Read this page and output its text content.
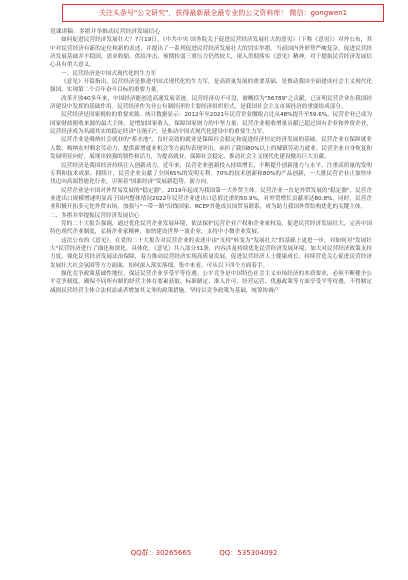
关注头条号"公文研究"，获得最新最全最专业的公文资料库！ 微信：gongwen1

党课讲稿：多措并举推动民营经济发展信心

如何促进民营经济发展壮大？7月19日，《中共中央 国务院关于促进民营经济发展壮大的意见》（下称《意见》）对外公布，其中对民营经济有新的定位和新的表述，并提出了一系列促进民营经济发展壮大的切实举措。当前国内外形势严峻复杂，促进民营经济发展基础并不稳固，需求收缩、供给冲击、预期转弱三重压力仍然较大，深入贯彻落实《意见》精神，对于提振民营经济发展信心具有重大意义。

一、民营经济是中国式现代化的生力军

《意见》开篇指出，民营经济是推进中国式现代化的生力军，是高质量发展的重要基础，是推动我国全面建成社会主义现代化强国、实现第二个百年奋斗目标的重要力量。

改革开放40多年来，中国经济能创造高速发展奇迹，民营经济功不可没，被概括为"56789"之贡献，已证明民营企业在我国经济建设中发挥的基础作用。民营经济作为非公有制经济的主要经济组织形式，是我国社会主义市场经济的重要组成部分。

民营经济是国家税收的重要来源。统计数据显示：2012年至2021年民营企业缴税占比从48%提升至59.6%。民营企业已成为国家财政税收来源的最大主体，是增加国家收入、保障国家财力的中坚力量；民营企业税收增量贡献已超过国有企业和外资企业，民营经济成为名副其实的稳定经济"压舱石"，是推动中国式现代化建设中的重要生力军。

民营企业是吸纳社会就业的"蓄水池"，良好高效的就业是保障社会稳定和促进经济恒定经济发展的基础。民营企业在保障就业人数、吸纳农村剩余劳动力，提供新增就业机会等方面均表现突出，承担了我国80%以上的城镇劳动力就业。民营企业自身恢复和发展明显向好，展现出较强的韧性和活力，为提高就业、保障社会稳定、推动社会主义现代化建设做出巨大贡献。

民营经济是我国经济持续注入创新动力。近年来，民营企业创新投入持续增长，不断提升创新能力与水平，注重高质量的发明专利和技术成果、拥续计，民营企业贡献了全国65%的发明专利、70%的技术创新和80%的产品创新，一大批民营企业正加快步伐迈向高端智能化行业，引领着"国新经济"发展新趋势、新方向。

民营企业是中国对外贸易发展的"稳定器"。2019年起成为我国第一大外贸主体。民营企业一直是外贸发展的"稳定器"，民营企业进出口规模增速明显高于国内整体情况2022年民营企业进出口总值比重的50.9%，对外贸增长贡献率达80.8%，同时，民营企业积极开拓多元化外贸市场，加强与"一带一路"沿线国家、RCEP其他成员国贸易联系，成为助力我国外贸结构优化的关键主体。

二、多措并举提振民营经济发展信心

党的二十大报告强调，通过优化民营企业发展环境，依法保护民营企业产权和企业家权益，促进民营经济发展壮大，完善中国特色现代企业制度，弘扬企业家精神，加快建设世界一流企业。支持中小微企业发展。

这次公布的《意见》，在党的二十大报告对民营企业的表述中由"支持"转变为"发展壮大"的基础上更进一步，对如何对"发展壮大"民营经济进行了细化和深化、具体化。《意见》共八部分31条，内容涉及持续优化民营经济发展环境，加大对民营经济政策支持力度，强化民营经济发展法治保障，着力推动民营经济实现高质量发展，促进民营经济人士健康成长、持续营造关心促进民营经济发展壮大社会氛围等方方面面，知何深入落实落细，集中来看，可从以下四个方面着手。

强化竞争政策基础性地位，保证民营企业享受平等待遇。公平竞争是中国特色社会主义市场经济的本质要求，必须不断健全公平竞争制度，确保不同所有制的经营主体在要素获取、标准制定、准入许可、经营运营、优惠政策等方面享受平等待遇。不得制定减损民营经营主体合法权益或者增加其义务的政策措施，坚持以竞争政策为基础，统筹协调产

QQ群：30265665	QQ：535304092
